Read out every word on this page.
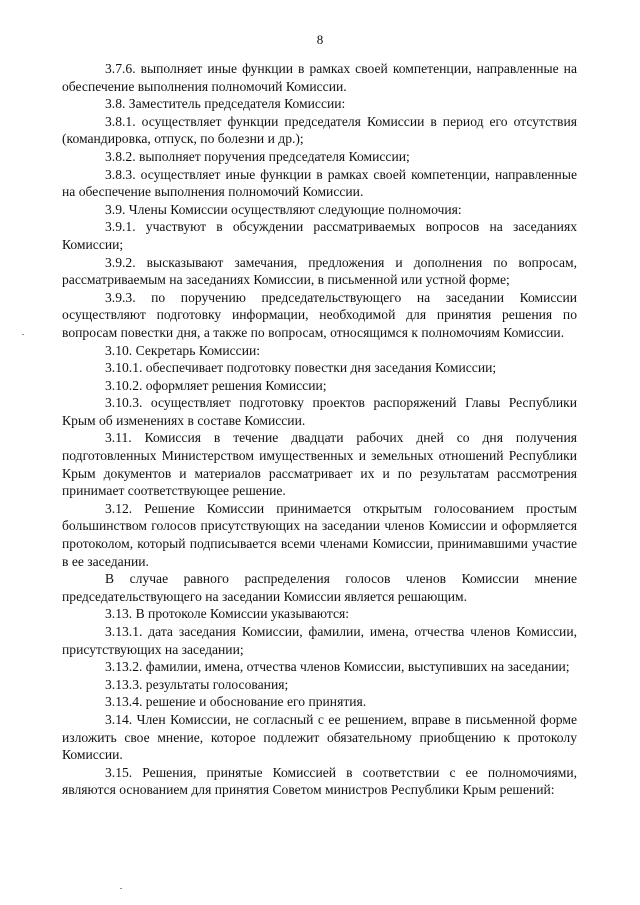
8

3.7.6. выполняет иные функции в рамках своей компетенции, направленные на обеспечение выполнения полномочий Комиссии.

3.8. Заместитель председателя Комиссии:

3.8.1. осуществляет функции председателя Комиссии в период его отсутствия (командировка, отпуск, по болезни и др.);

3.8.2. выполняет поручения председателя Комиссии;

3.8.3. осуществляет иные функции в рамках своей компетенции, направленные на обеспечение выполнения полномочий Комиссии.

3.9. Члены Комиссии осуществляют следующие полномочия:

3.9.1. участвуют в обсуждении рассматриваемых вопросов на заседаниях Комиссии;

3.9.2. высказывают замечания, предложения и дополнения по вопросам, рассматриваемым на заседаниях Комиссии, в письменной или устной форме;

3.9.3. по поручению председательствующего на заседании Комиссии осуществляют подготовку информации, необходимой для принятия решения по вопросам повестки дня, а также по вопросам, относящимся к полномочиям Комиссии.

3.10. Секретарь Комиссии:

3.10.1. обеспечивает подготовку повестки дня заседания Комиссии;

3.10.2. оформляет решения Комиссии;

3.10.3. осуществляет подготовку проектов распоряжений Главы Республики Крым об изменениях в составе Комиссии.

3.11. Комиссия в течение двадцати рабочих дней со дня получения подготовленных Министерством имущественных и земельных отношений Республики Крым документов и материалов рассматривает их и по результатам рассмотрения принимает соответствующее решение.

3.12. Решение Комиссии принимается открытым голосованием простым большинством голосов присутствующих на заседании членов Комиссии и оформляется протоколом, который подписывается всеми членами Комиссии, принимавшими участие в ее заседании.

В случае равного распределения голосов членов Комиссии мнение председательствующего на заседании Комиссии является решающим.

3.13. В протоколе Комиссии указываются:

3.13.1. дата заседания Комиссии, фамилии, имена, отчества членов Комиссии, присутствующих на заседании;

3.13.2. фамилии, имена, отчества членов Комиссии, выступивших на заседании;

3.13.3. результаты голосования;

3.13.4. решение и обоснование его принятия.

3.14. Член Комиссии, не согласный с ее решением, вправе в письменной форме изложить свое мнение, которое подлежит обязательному приобщению к протоколу Комиссии.

3.15. Решения, принятые Комиссией в соответствии с ее полномочиями, являются основанием для принятия Советом министров Республики Крым решений:
